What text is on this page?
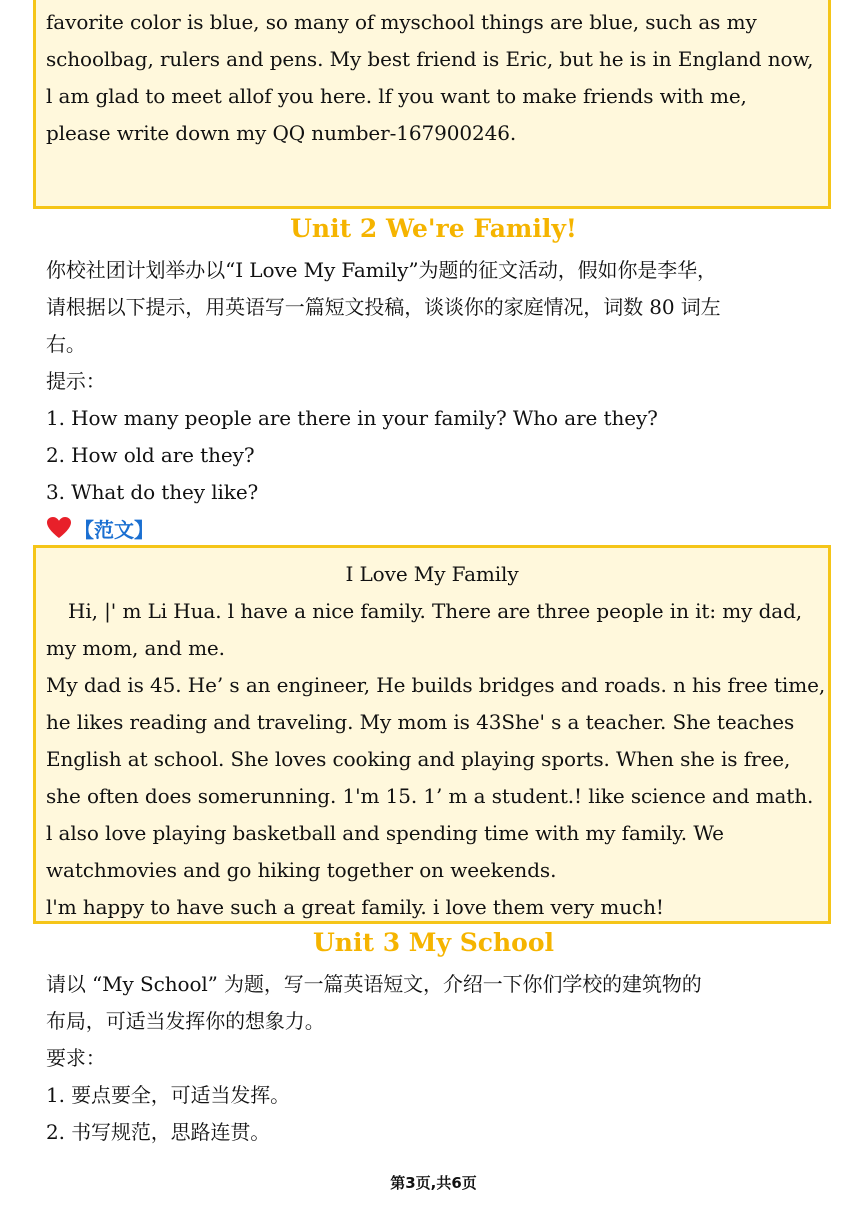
favorite color is blue, so many of myschool things are blue, such as my
schoolbag, rulers and pens. My best friend is Eric, but he is in England now,
l am glad to meet allof you here. lf you want to make friends with me,
please write down my QQ number-167900246.
Unit 2 We're Family!
你校社团计划举办以“I Love My Family”为题的征文活动，假如你是李华，
请根据以下提示，用英语写一篇短文投稿，谈谈你的家庭情况，词数 80 词左
右。
提示：
1. How many people are there in your family? Who are they?
2. How old are they?
3. What do they like?
【范文】
I Love My Family
Hi, |' m Li Hua. l have a nice family. There are three people in it: my dad,
my mom, and me.
My dad is 45. He’ s an engineer, He builds bridges and roads. n his free time,
he likes reading and traveling. My mom is 43She' s a teacher. She teaches
English at school. She loves cooking and playing sports. When she is free,
she often does somerunning. 1'm 15. 1’ m a student.! like science and math.
l also love playing basketball and spending time with my family. We
watchmovies and go hiking together on weekends.
l'm happy to have such a great family. i love them very much!
Unit 3 My School
请以 “My School” 为题，写一篇英语短文，介绍一下你们学校的建筑物的
布局，可适当发挥你的想象力。
要求：
1. 要点要全，可适当发挥。
2. 书写规范，思路连贯。
第3页,共6页
